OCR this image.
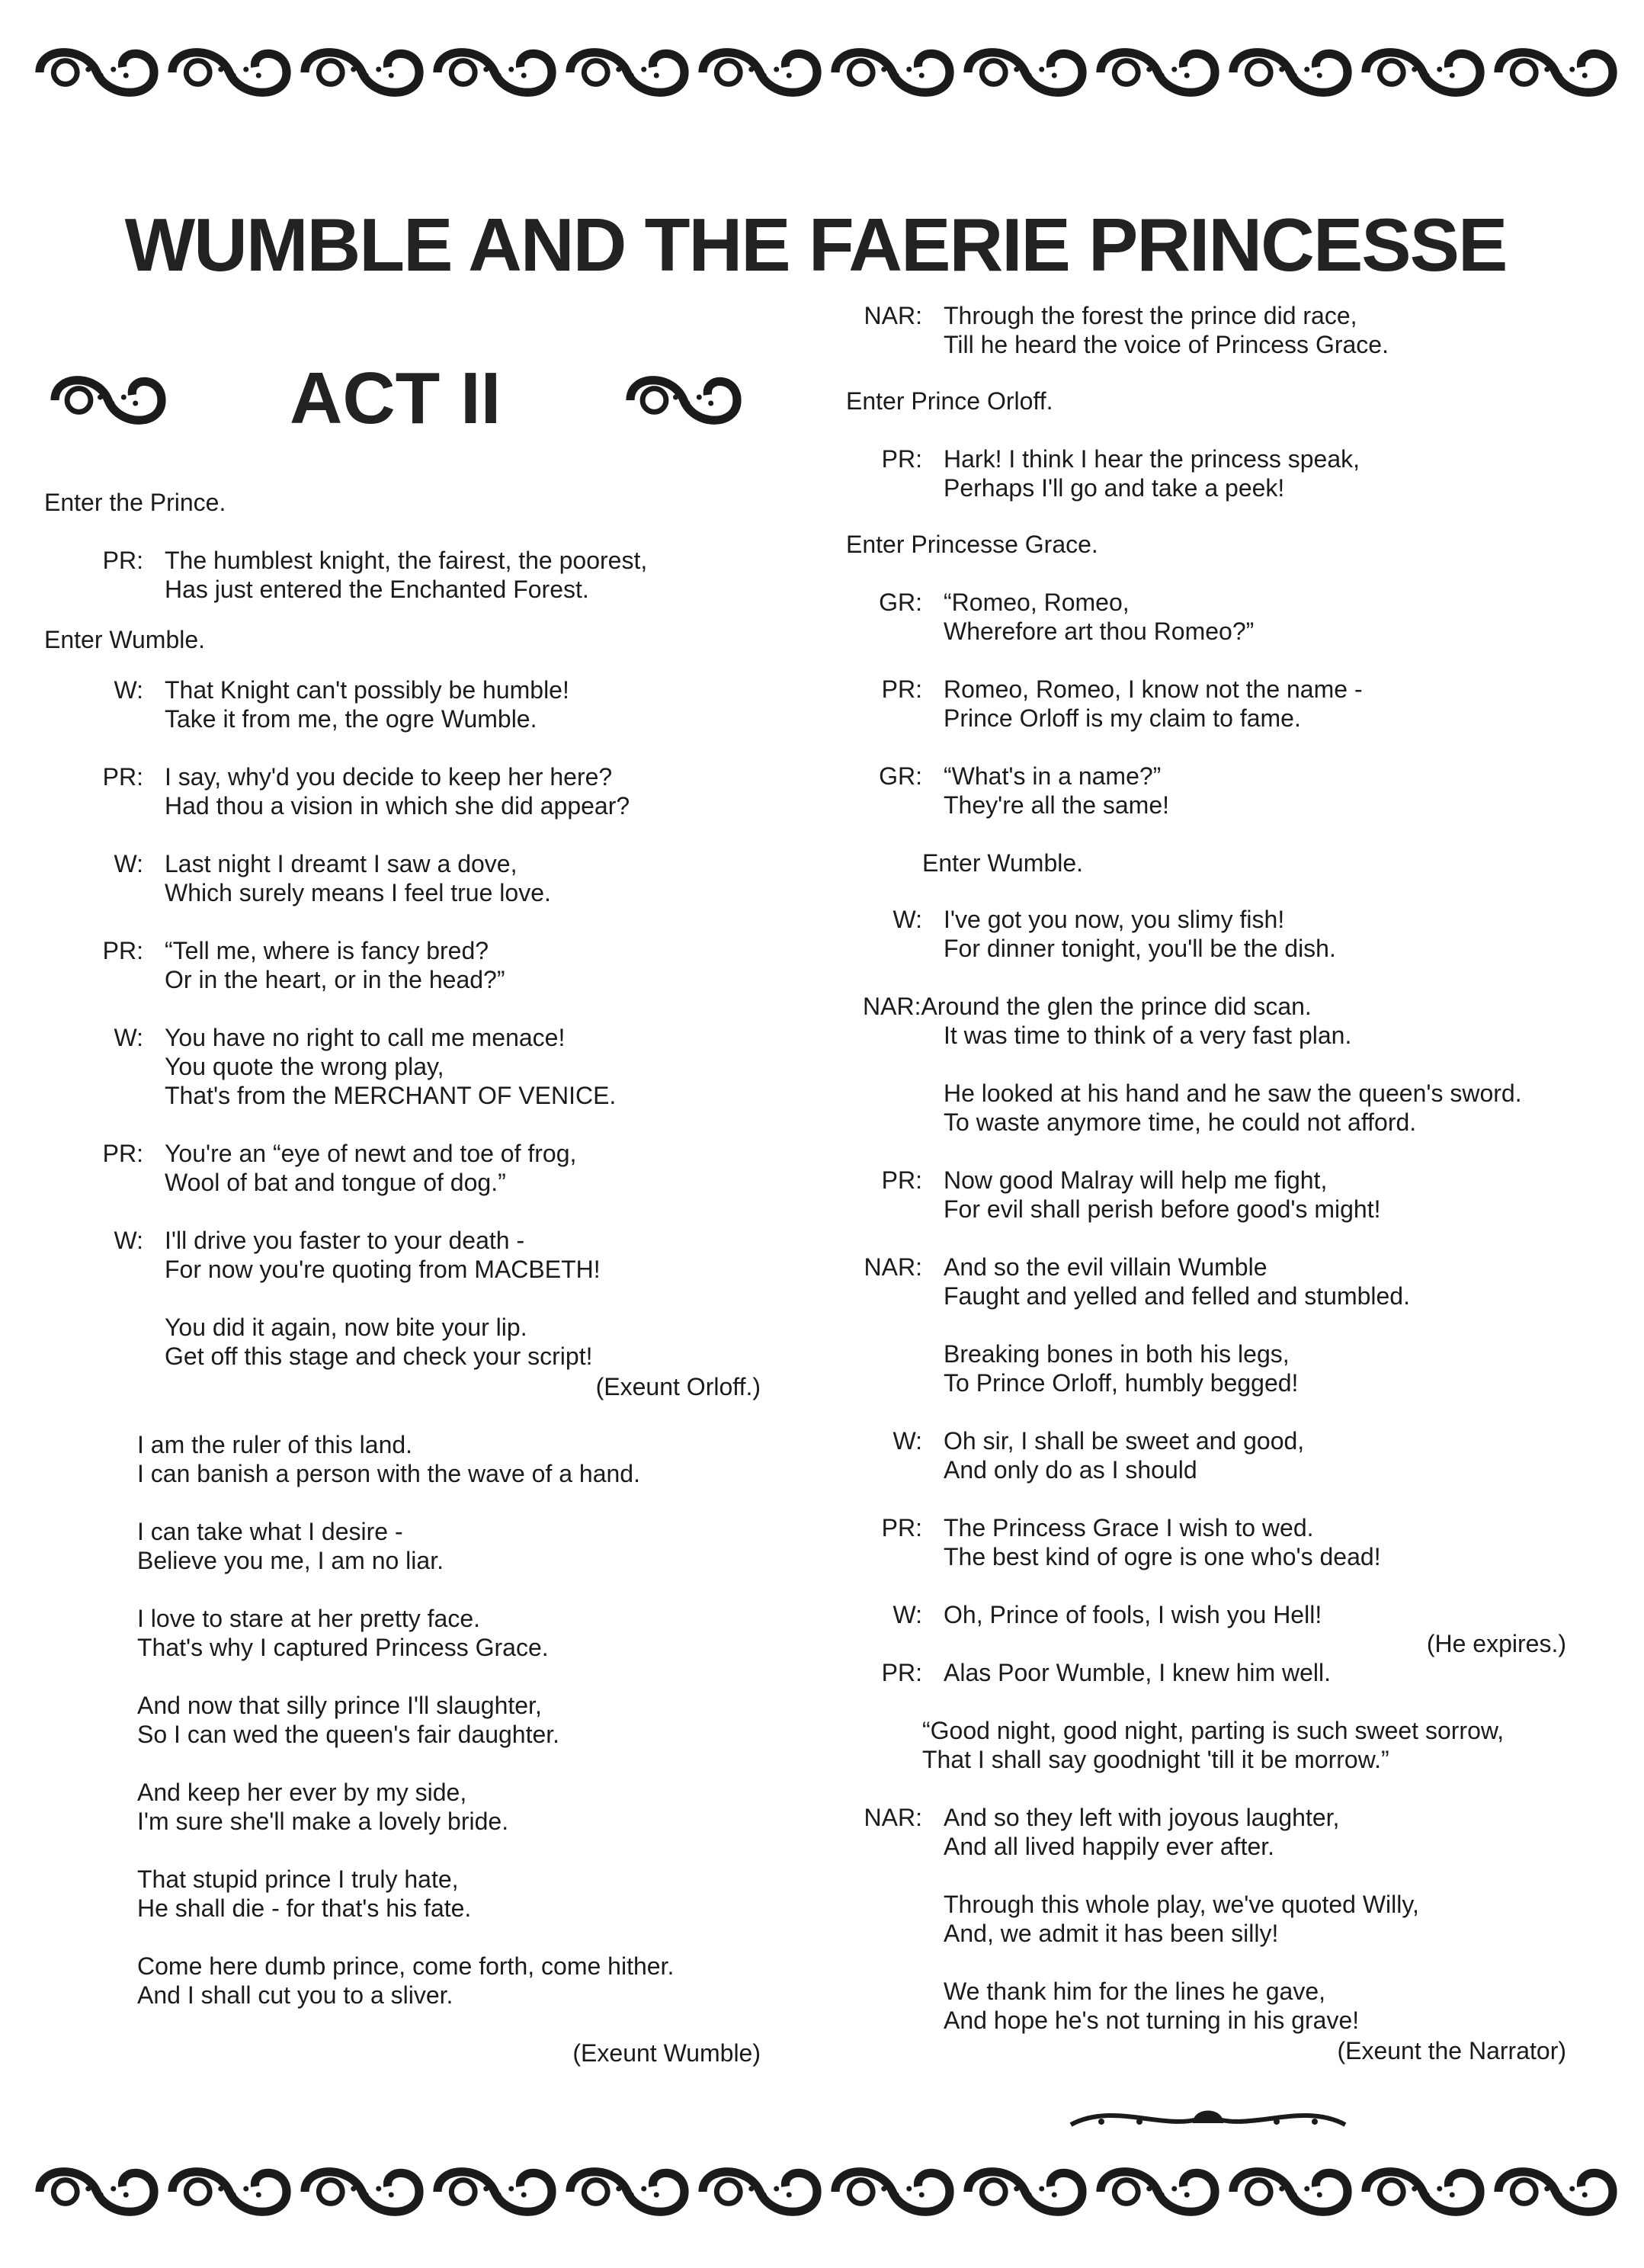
WUMBLE AND THE FAERIE PRINCESSE
ACT II
Enter the Prince.
PR: The humblest knight, the fairest, the poorest,
Has just entered the Enchanted Forest.
Enter Wumble.
W: That Knight can't possibly be humble!
Take it from me, the ogre Wumble.
PR: I say, why'd you decide to keep her here?
Had thou a vision in which she did appear?
W: Last night I dreamt I saw a dove,
Which surely means I feel true love.
PR: “Tell me, where is fancy bred?
Or in the heart, or in the head?”
W: You have no right to call me menace!
You quote the wrong play,
That's from the MERCHANT OF VENICE.
PR: You're an “eye of newt and toe of frog,
Wool of bat and tongue of dog.”
W: I'll drive you faster to your death -
For now you're quoting from MACBETH!
You did it again, now bite your lip.
Get off this stage and check your script!
(Exeunt Orloff.)
I am the ruler of this land.
I can banish a person with the wave of a hand.
I can take what I desire -
Believe you me, I am no liar.
I love to stare at her pretty face.
That's why I captured Princess Grace.
And now that silly prince I'll slaughter,
So I can wed the queen's fair daughter.
And keep her ever by my side,
I'm sure she'll make a lovely bride.
That stupid prince I truly hate,
He shall die - for that's his fate.
Come here dumb prince, come forth, come hither.
And I shall cut you to a sliver.
(Exeunt Wumble)
NAR: Through the forest the prince did race,
Till he heard the voice of Princess Grace.
Enter Prince Orloff.
PR: Hark! I think I hear the princess speak,
Perhaps I'll go and take a peek!
Enter Princesse Grace.
GR: “Romeo, Romeo,
Wherefore art thou Romeo?”
PR: Romeo, Romeo, I know not the name -
Prince Orloff is my claim to fame.
GR: “What's in a name?”
They're all the same!
Enter Wumble.
W: I've got you now, you slimy fish!
For dinner tonight, you'll be the dish.
NAR:Around the glen the prince did scan.
It was time to think of a very fast plan.
He looked at his hand and he saw the queen's sword.
To waste anymore time, he could not afford.
PR: Now good Malray will help me fight,
For evil shall perish before good's might!
NAR: And so the evil villain Wumble
Faught and yelled and felled and stumbled.
Breaking bones in both his legs,
To Prince Orloff, humbly begged!
W: Oh sir, I shall be sweet and good,
And only do as I should
PR: The Princess Grace I wish to wed.
The best kind of ogre is one who's dead!
W: Oh, Prince of fools, I wish you Hell!
(He expires.)
PR: Alas Poor Wumble, I knew him well.
“Good night, good night, parting is such sweet sorrow,
That I shall say goodnight 'till it be morrow.”
NAR: And so they left with joyous laughter,
And all lived happily ever after.
Through this whole play, we've quoted Willy,
And, we admit it has been silly!
We thank him for the lines he gave,
And hope he's not turning in his grave!
(Exeunt the Narrator)
